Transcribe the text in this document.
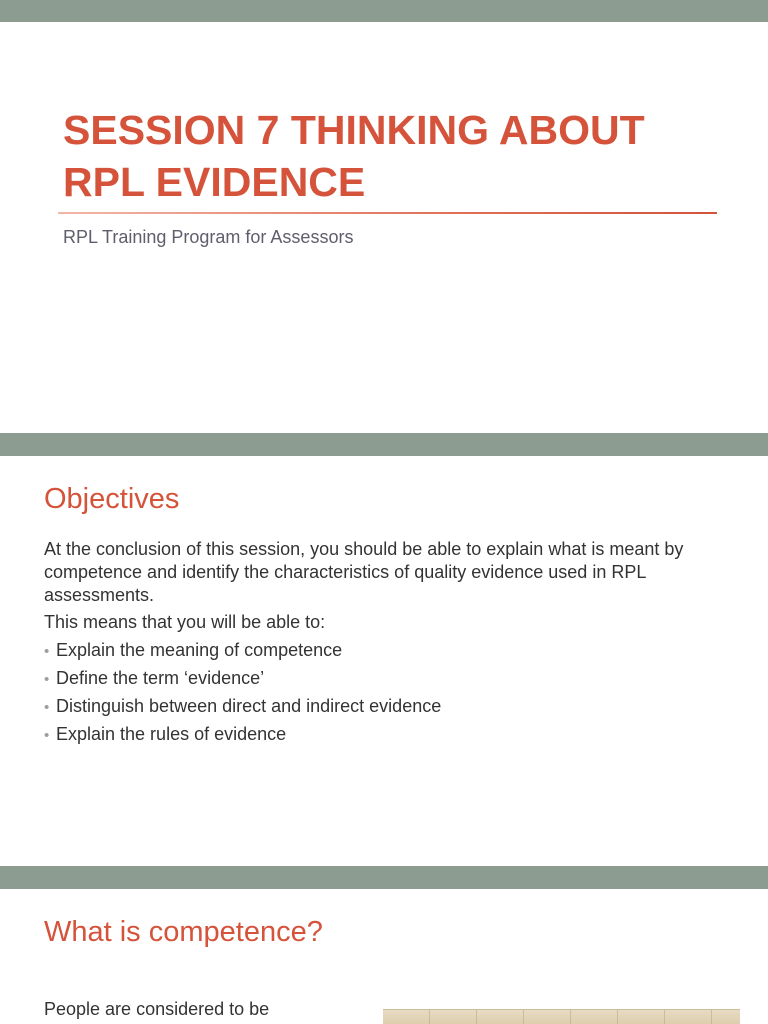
SESSION 7 THINKING ABOUT
RPL EVIDENCE

RPL Training Program for Assessors

Objectives

At the conclusion of this session, you should be able to explain what is meant by competence and identify the characteristics of quality evidence used in RPL assessments.

This means that you will be able to:

• Explain the meaning of competence
• Define the term ‘evidence’
• Distinguish between direct and indirect evidence
• Explain the rules of evidence
What is competence?

People are considered to be
